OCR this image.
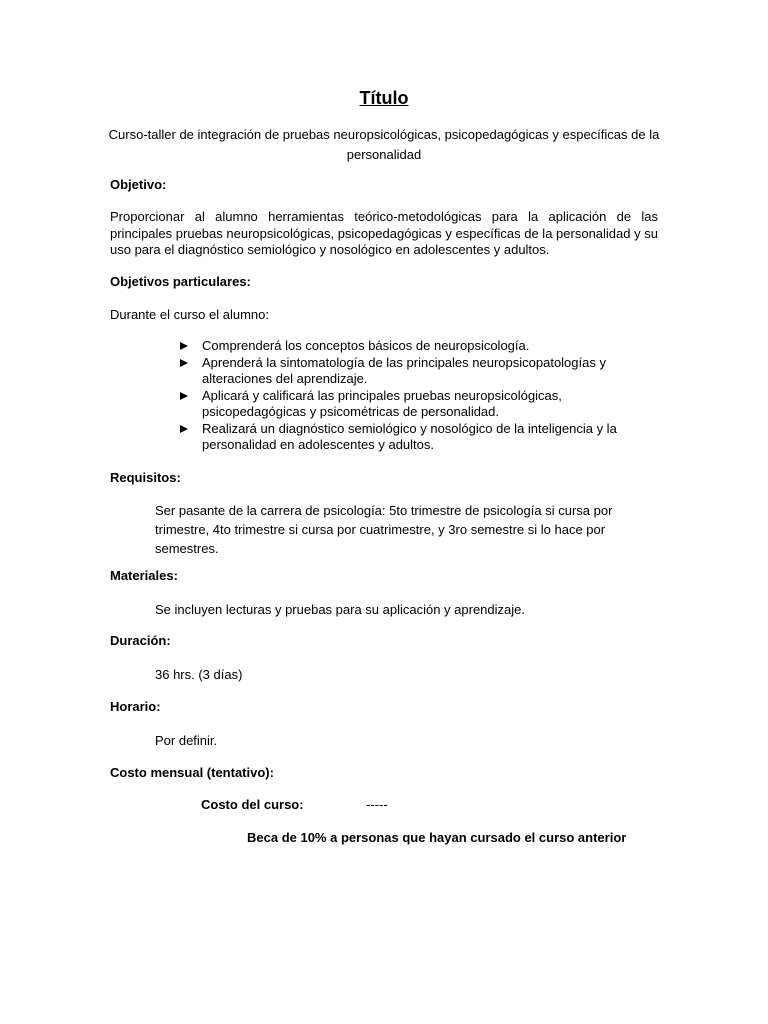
Título
Curso-taller de integración de pruebas neuropsicológicas, psicopedagógicas y específicas de la personalidad
Objetivo:
Proporcionar al alumno herramientas teórico-metodológicas para la aplicación de las
principales pruebas neuropsicológicas, psicopedagógicas y específicas de la personalidad y su
uso para el diagnóstico semiológico y nosológico en adolescentes y adultos.
Objetivos particulares:
Durante el curso el alumno:
Comprenderá los conceptos básicos de neuropsicología.
Aprenderá la sintomatología de las principales neuropsicopatologías y alteraciones del aprendizaje.
Aplicará y calificará las principales pruebas neuropsicológicas, psicopedagógicas y psicométricas de personalidad.
Realizará un diagnóstico semiológico y nosológico de la inteligencia y la personalidad en adolescentes y adultos.
Requisitos:
Ser pasante de la carrera de psicología: 5to trimestre de psicología si cursa por trimestre, 4to trimestre si cursa por cuatrimestre, y 3ro semestre si lo hace por semestres.
Materiales:
Se incluyen lecturas y pruebas para su aplicación y aprendizaje.
Duración:
36 hrs. (3 días)
Horario:
Por definir.
Costo mensual (tentativo):
Costo del curso:	-----
Beca de 10% a personas que hayan cursado el curso anterior
